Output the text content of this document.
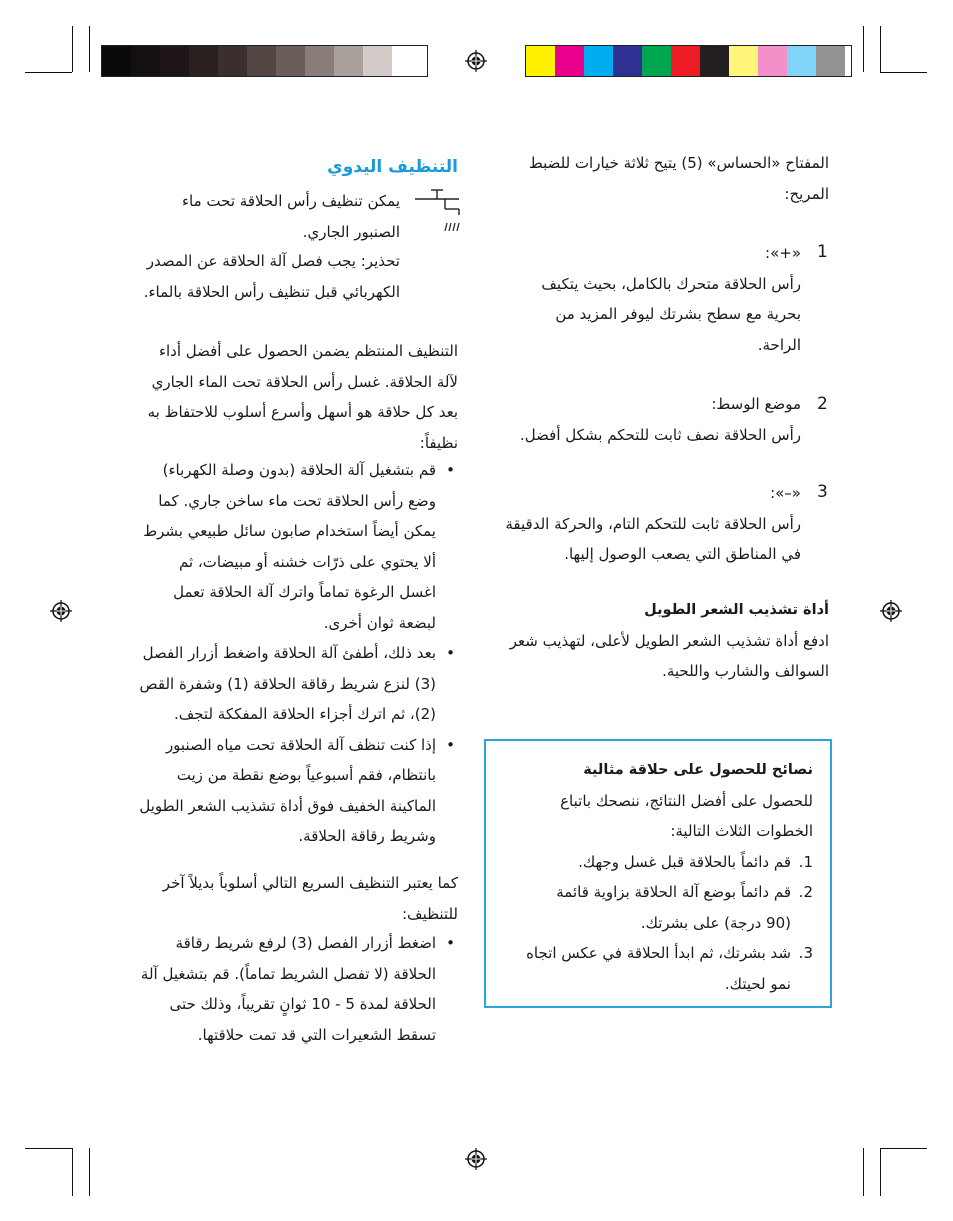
المفتاح «الحساس» (5) يتيح ثلاثة خيارات للضبط
المريح:
1
«+»:
رأس الحلاقة متحرك بالكامل، بحيث يتكيف
بحرية مع سطح بشرتك ليوفر المزيد من
الراحة.
2
موضع الوسط:
رأس الحلاقة نصف ثابت للتحكم بشكل أفضل.
3
«–»:
رأس الحلاقة ثابت للتحكم التام، والحركة الدقيقة
في المناطق التي يصعب الوصول إليها.
أداة تشذيب الشعر الطويل
ادفع أداة تشذيب الشعر الطويل لأعلى، لتهذيب شعر
السوالف والشارب واللحية.
نصائح للحصول على حلاقة مثالية
للحصول على أفضل النتائج، ننصحك باتباع
الخطوات الثلاث التالية:
1.
قم دائماً بالحلاقة قبل غسل وجهك.
2.
قم دائماً بوضع آلة الحلاقة بزاوية قائمة
(90 درجة) على بشرتك.
3.
شد بشرتك، ثم ابدأ الحلاقة في عكس اتجاه
نمو لحيتك.
التنظيف اليدوي
يمكن تنظيف رأس الحلاقة تحت ماء
الصنبور الجاري.
تحذير: يجب فصل آلة الحلاقة عن المصدر
الكهربائي قبل تنظيف رأس الحلاقة بالماء.
التنظيف المنتظم يضمن الحصول على أفضل أداء
لآلة الحلاقة. غسل رأس الحلاقة تحت الماء الجاري
بعد كل حلاقة هو أسهل وأسرع أسلوب للاحتفاظ به
نظيفاً:
• قم بتشغيل آلة الحلاقة (بدون وصلة الكهرباء)
وضع رأس الحلاقة تحت ماء ساخن جاري. كما
يمكن أيضاً استخدام صابون سائل طبيعي بشرط
ألا يحتوي على ذرّات خشنه أو مبيضات، ثم
اغسل الرغوة تماماً واترك آلة الحلاقة تعمل
لبضعة ثوان أخرى.
• بعد ذلك، أطفئ آلة الحلاقة واضغط أزرار الفصل
(3) لنزع شريط رقاقة الحلاقة (1) وشفرة القص
(2)، ثم اترك أجزاء الحلاقة المفككة لتجف.
• إذا كنت تنظف آلة الحلاقة تحت مياه الصنبور
بانتظام، فقم أسبوعياً بوضع نقطة من زيت
الماكينة الخفيف فوق أداة تشذيب الشعر الطويل
وشريط رقاقة الحلاقة.
كما يعتبر التنظيف السريع التالي أسلوباً بديلاً آخر
للتنظيف:
• اضغط أزرار الفصل (3) لرفع شريط رقاقة
الحلاقة (لا تفصل الشريط تماماً). قم بتشغيل آلة
الحلاقة لمدة 5 - 10 ثوانٍ تقريباً، وذلك حتى
تسقط الشعيرات التي قد تمت حلاقتها.
